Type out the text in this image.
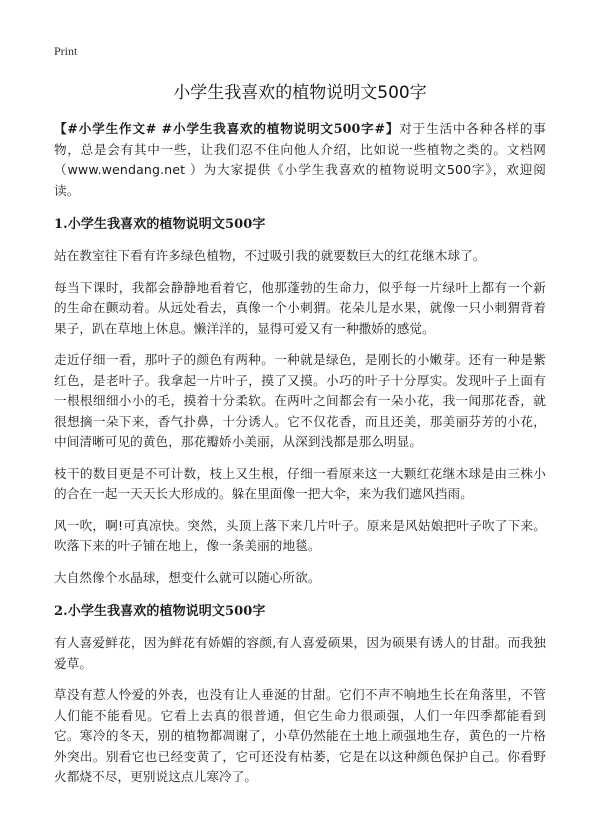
Print
小学生我喜欢的植物说明文500字

【#小学生作文# #小学生我喜欢的植物说明文500字#】对于生活中各种各样的事物，总是会有其中一些，让我们忍不住向他人介绍，比如说一些植物之类的。文档网（www.wendang.net ）为大家提供《小学生我喜欢的植物说明文500字》，欢迎阅读。

1.小学生我喜欢的植物说明文500字

站在教室往下看有许多绿色植物，不过吸引我的就要数巨大的红花继木球了。

每当下课时，我都会静静地看着它，他那蓬勃的生命力，似乎每一片绿叶上都有一个新的生命在颤动着。从远处看去，真像一个小刺猬。花朵儿是水果，就像一只小刺猬背着果子，趴在草地上休息。懒洋洋的，显得可爱又有一种撒娇的感觉。

走近仔细一看，那叶子的颜色有两种。一种就是绿色，是刚长的小嫩芽。还有一种是紫红色，是老叶子。我拿起一片叶子，摸了又摸。小巧的叶子十分厚实。发现叶子上面有一根根细细小小的毛，摸着十分柔软。在两叶之间都会有一朵小花，我一闻那花香，就很想摘一朵下来，香气扑鼻，十分诱人。它不仅花香，而且还美，那美丽芬芳的小花，中间清晰可见的黄色，那花瓣娇小美丽，从深到浅都是那么明显。

枝干的数目更是不可计数，枝上又生根，仔细一看原来这一大颗红花继木球是由三株小的合在一起一天天长大形成的。躲在里面像一把大伞，来为我们遮风挡雨。

风一吹，啊!可真凉快。突然，头顶上落下来几片叶子。原来是风姑娘把叶子吹了下来。吹落下来的叶子铺在地上，像一条美丽的地毯。

大自然像个水晶球，想变什么就可以随心所欲。

2.小学生我喜欢的植物说明文500字

有人喜爱鲜花，因为鲜花有娇媚的容颜,有人喜爱硕果，因为硕果有诱人的甘甜。而我独爱草。

草没有惹人怜爱的外表，也没有让人垂涎的甘甜。它们不声不响地生长在角落里，不管人们能不能看见。它看上去真的很普通，但它生命力很顽强，人们一年四季都能看到它。寒冷的冬天，别的植物都凋谢了，小草仍然能在土地上顽强地生存，黄色的一片格外突出。别看它也已经变黄了，它可还没有枯萎，它是在以这种颜色保护自己。你看野火都烧不尽，更别说这点儿寒冷了。
